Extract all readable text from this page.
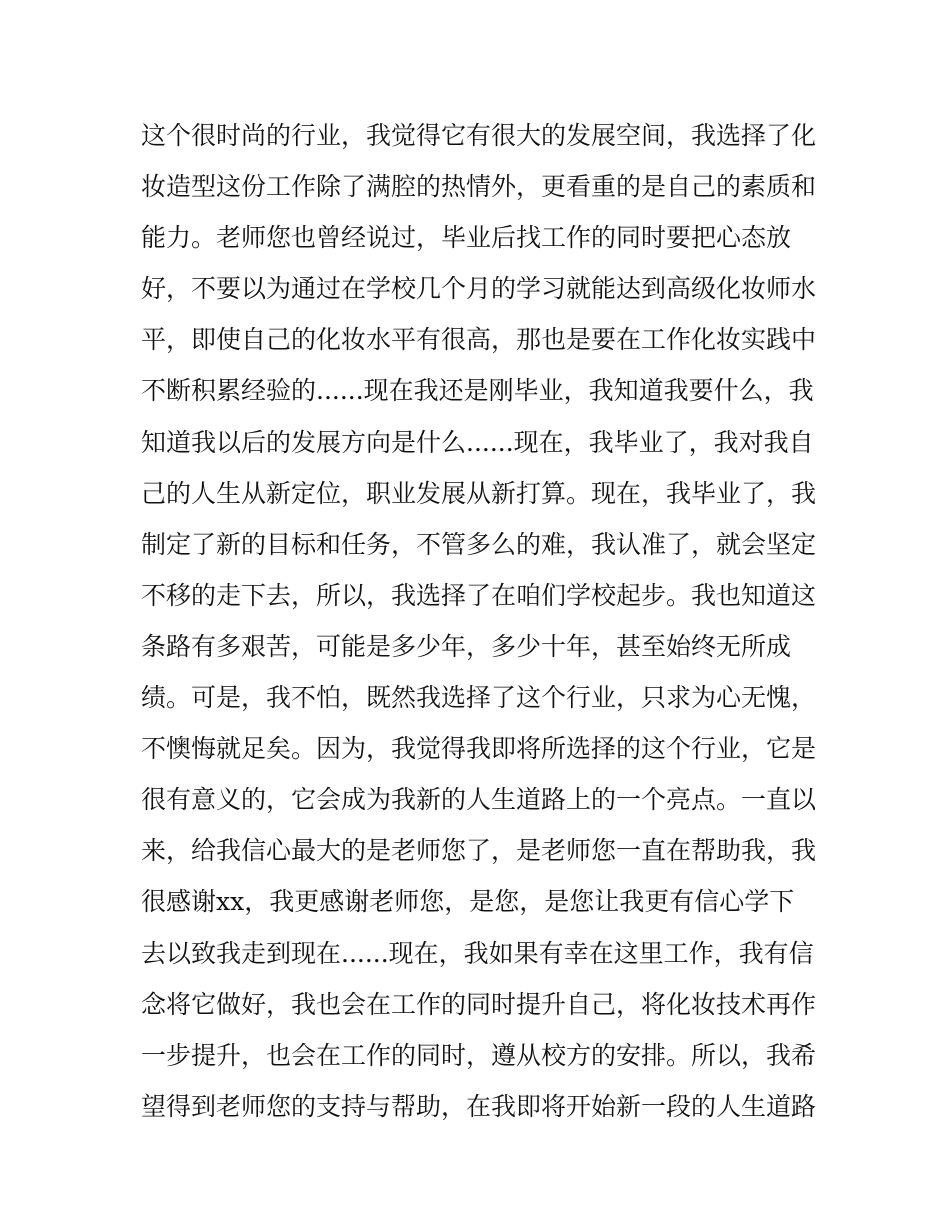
这个很时尚的行业，我觉得它有很大的发展空间，我选择了化
妆造型这份工作除了满腔的热情外，更看重的是自己的素质和
能力。老师您也曾经说过，毕业后找工作的同时要把心态放
好，不要以为通过在学校几个月的学习就能达到高级化妆师水
平，即使自己的化妆水平有很高，那也是要在工作化妆实践中
不断积累经验的......现在我还是刚毕业，我知道我要什么，我
知道我以后的发展方向是什么......现在，我毕业了，我对我自
己的人生从新定位，职业发展从新打算。现在，我毕业了，我
制定了新的目标和任务，不管多么的难，我认准了，就会坚定
不移的走下去，所以，我选择了在咱们学校起步。我也知道这
条路有多艰苦，可能是多少年，多少十年，甚至始终无所成
绩。可是，我不怕，既然我选择了这个行业，只求为心无愧，
不懊悔就足矣。因为，我觉得我即将所选择的这个行业，它是
很有意义的，它会成为我新的人生道路上的一个亮点。一直以
来，给我信心最大的是老师您了，是老师您一直在帮助我，我
很感谢xx，我更感谢老师您，是您，是您让我更有信心学下
去以致我走到现在......现在，我如果有幸在这里工作，我有信
念将它做好，我也会在工作的同时提升自己，将化妆技术再作
一步提升，也会在工作的同时，遵从校方的安排。所以，我希
望得到老师您的支持与帮助，在我即将开始新一段的人生道路
